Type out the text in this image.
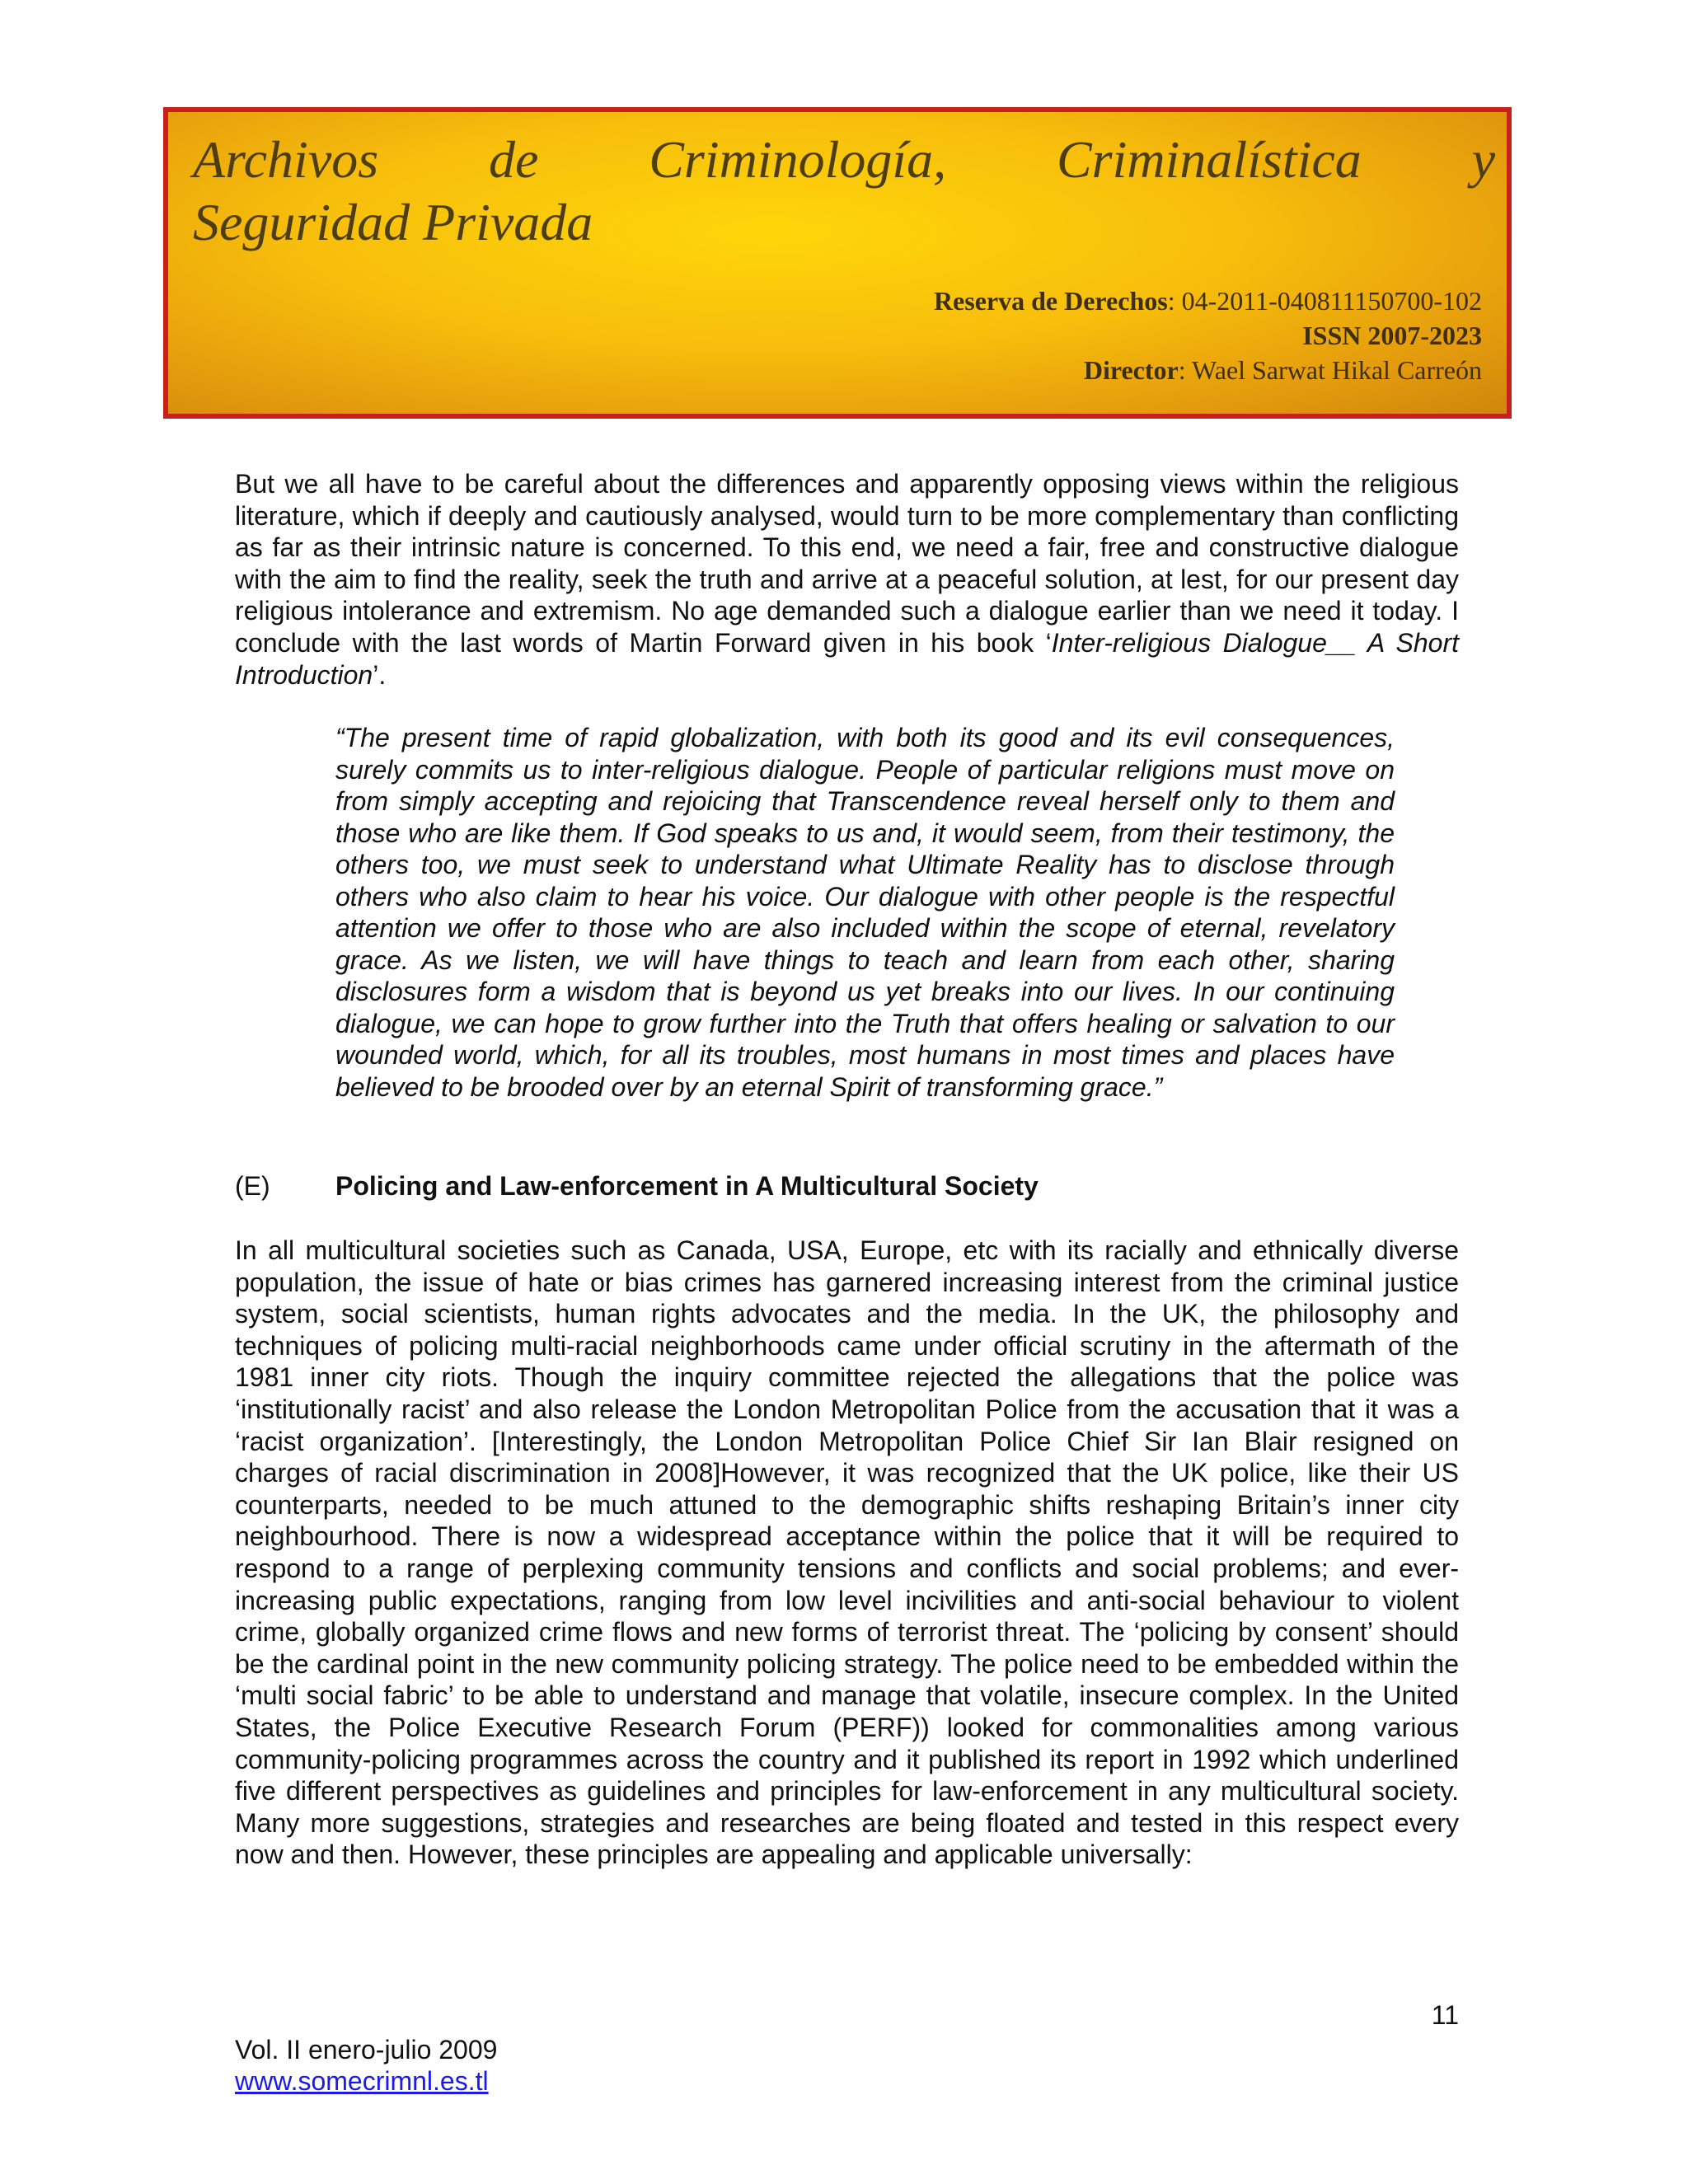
Archivos de Criminología, Criminalística y
Seguridad Privada
Reserva de Derechos: 04-2011-040811150700-102
ISSN 2007-2023
Director: Wael Sarwat Hikal Carreón

But we all have to be careful about the differences and apparently opposing views within the religious literature, which if deeply and cautiously analysed, would turn to be more complementary than conflicting as far as their intrinsic nature is concerned. To this end, we need a fair, free and constructive dialogue with the aim to find the reality, seek the truth and arrive at a peaceful solution, at lest, for our present day religious intolerance and extremism. No age demanded such a dialogue earlier than we need it today. I conclude with the last words of Martin Forward given in his book ‘Inter-religious Dialogue__ A Short Introduction’.

“The present time of rapid globalization, with both its good and its evil consequences, surely commits us to inter-religious dialogue. People of particular religions must move on from simply accepting and rejoicing that Transcendence reveal herself only to them and those who are like them. If God speaks to us and, it would seem, from their testimony, the others too, we must seek to understand what Ultimate Reality has to disclose through others who also claim to hear his voice. Our dialogue with other people is the respectful attention we offer to those who are also included within the scope of eternal, revelatory grace. As we listen, we will have things to teach and learn from each other, sharing disclosures form a wisdom that is beyond us yet breaks into our lives. In our continuing dialogue, we can hope to grow further into the Truth that offers healing or salvation to our wounded world, which, for all its troubles, most humans in most times and places have believed to be brooded over by an eternal Spirit of transforming grace.”

(E) Policing and Law-enforcement in A Multicultural Society

In all multicultural societies such as Canada, USA, Europe, etc with its racially and ethnically diverse population, the issue of hate or bias crimes has garnered increasing interest from the criminal justice system, social scientists, human rights advocates and the media. In the UK, the philosophy and techniques of policing multi-racial neighborhoods came under official scrutiny in the aftermath of the 1981 inner city riots. Though the inquiry committee rejected the allegations that the police was ‘institutionally racist’ and also release the London Metropolitan Police from the accusation that it was a ‘racist organization’. [Interestingly, the London Metropolitan Police Chief Sir Ian Blair resigned on charges of racial discrimination in 2008]However, it was recognized that the UK police, like their US counterparts, needed to be much attuned to the demographic shifts reshaping Britain’s inner city neighbourhood. There is now a widespread acceptance within the police that it will be required to respond to a range of perplexing community tensions and conflicts and social problems; and ever-increasing public expectations, ranging from low level incivilities and anti-social behaviour to violent crime, globally organized crime flows and new forms of terrorist threat. The ‘policing by consent’ should be the cardinal point in the new community policing strategy. The police need to be embedded within the ‘multi social fabric’ to be able to understand and manage that volatile, insecure complex. In the United States, the Police Executive Research Forum (PERF)) looked for commonalities among various community-policing programmes across the country and it published its report in 1992 which underlined five different perspectives as guidelines and principles for law-enforcement in any multicultural society. Many more suggestions, strategies and researches are being floated and tested in this respect every now and then. However, these principles are appealing and applicable universally:

11
Vol. II enero-julio 2009
www.somecrimnl.es.tl
